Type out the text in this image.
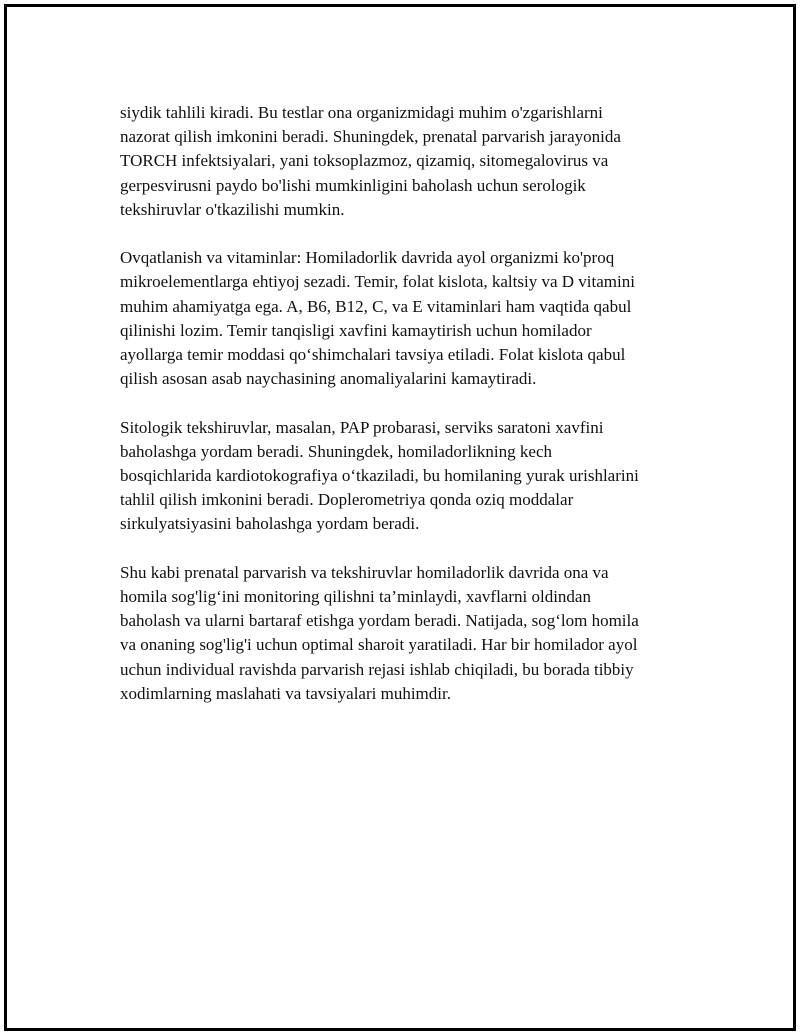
siydik tahlili kiradi. Bu testlar ona organizmidagi muhim o'zgarishlarni
nazorat qilish imkonini beradi. Shuningdek, prenatal parvarish jarayonida
TORCH infektsiyalari, yani toksoplazmoz, qizamiq, sitomegalovirus va
gerpesvirusni paydo bo'lishi mumkinligini baholash uchun serologik
tekshiruvlar o'tkazilishi mumkin.

Ovqatlanish va vitaminlar: Homiladorlik davrida ayol organizmi ko'proq
mikroelementlarga ehtiyoj sezadi. Temir, folat kislota, kaltsiy va D vitamini
muhim ahamiyatga ega. A, B6, B12, C, va E vitaminlari ham vaqtida qabul
qilinishi lozim. Temir tanqisligi xavfini kamaytirish uchun homilador
ayollarga temir moddasi qo‘shimchalari tavsiya etiladi. Folat kislota qabul
qilish asosan asab naychasining anomaliyalarini kamaytiradi.

Sitologik tekshiruvlar, masalan, PAP probarasi, serviks saratoni xavfini
baholashga yordam beradi. Shuningdek, homiladorlikning kech
bosqichlarida kardiotokografiya o‘tkaziladi, bu homilaning yurak urishlarini
tahlil qilish imkonini beradi. Doplerometriya qonda oziq moddalar
sirkulyatsiyasini baholashga yordam beradi.

Shu kabi prenatal parvarish va tekshiruvlar homiladorlik davrida ona va
homila sog'lig‘ini monitoring qilishni ta’minlaydi, xavflarni oldindan
baholash va ularni bartaraf etishga yordam beradi. Natijada, sog‘lom homila
va onaning sog'lig'i uchun optimal sharoit yaratiladi. Har bir homilador ayol
uchun individual ravishda parvarish rejasi ishlab chiqiladi, bu borada tibbiy
xodimlarning maslahati va tavsiyalari muhimdir.
